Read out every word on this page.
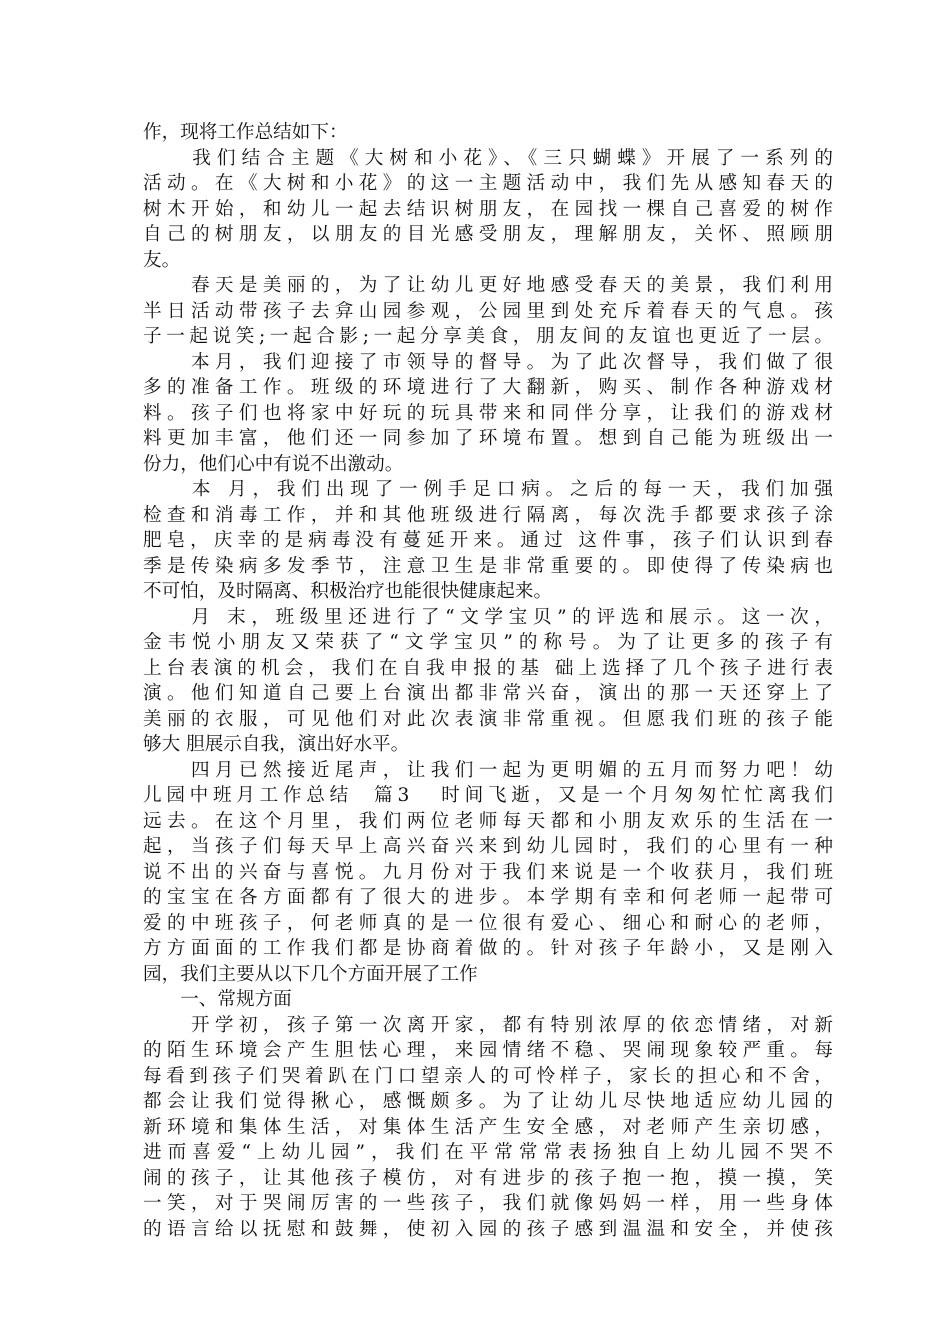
作，现将工作总结如下：
　　我们结合主题《大树和小花》、《三只蝴蝶》开展了一系列的
活动。在《大树和小花》的这一主题活动中，我们先从感知春天的
树木开始，和幼儿一起去结识树朋友，在园找一棵自己喜爱的树作
自己的树朋友，以朋友的目光感受朋友，理解朋友，关怀、照顾朋
友。
　　春天是美丽的，为了让幼儿更好地感受春天的美景，我们利用
半日活动带孩子去弇山园参观，公园里到处充斥着春天的气息。孩
子一起说笑;一起合影;一起分享美食，朋友间的友谊也更近了一层。
　　本月，我们迎接了市领导的督导。为了此次督导，我们做了很
多的准备工作。班级的环境进行了大翻新，购买、制作各种游戏材
料。孩子们也将家中好玩的玩具带来和同伴分享，让我们的游戏材
料更加丰富，他们还一同参加了环境布置。想到自己能为班级出一
份力，他们心中有说不出激动。
　　本 月，我们出现了一例手足口病。之后的每一天，我们加强
检查和消毒工作，并和其他班级进行隔离，每次洗手都要求孩子涂
肥皂，庆幸的是病毒没有蔓延开来。通过 这件事，孩子们认识到春
季是传染病多发季节，注意卫生是非常重要的。即使得了传染病也
不可怕，及时隔离、积极治疗也能很快健康起来。
　　月 末，班级里还进行了“文学宝贝”的评选和展示。这一次，
金韦悦小朋友又荣获了“文学宝贝”的称号。为了让更多的孩子有
上台表演的机会，我们在自我申报的基 础上选择了几个孩子进行表
演。他们知道自己要上台演出都非常兴奋，演出的那一天还穿上了
美丽的衣服，可见他们对此次表演非常重视。但愿我们班的孩子能
够大 胆展示自我，演出好水平。
　　四月已然接近尾声，让我们一起为更明媚的五月而努力吧！幼
儿园中班月工作总结  篇3   时间飞逝，又是一个月匆匆忙忙离我们
远去。在这个月里，我们两位老师每天都和小朋友欢乐的生活在一
起，当孩子们每天早上高兴奋兴来到幼儿园时，我们的心里有一种
说不出的兴奋与喜悦。九月份对于我们来说是一个收获月，我们班
的宝宝在各方面都有了很大的进步。本学期有幸和何老师一起带可
爱的中班孩子，何老师真的是一位很有爱心、细心和耐心的老师，
方方面面的工作我们都是协商着做的。针对孩子年龄小，又是刚入
园，我们主要从以下几个方面开展了工作
　　一、常规方面
　　开学初，孩子第一次离开家，都有特别浓厚的依恋情绪，对新
的陌生环境会产生胆怯心理，来园情绪不稳、哭闹现象较严重。每
每看到孩子们哭着趴在门口望亲人的可怜样子，家长的担心和不舍，
都会让我们觉得揪心，感慨颇多。为了让幼儿尽快地适应幼儿园的
新环境和集体生活，对集体生活产生安全感，对老师产生亲切感，
进而喜爱“上幼儿园”，我们在平常常常表扬独自上幼儿园不哭不
闹的孩子，让其他孩子模仿，对有进步的孩子抱一抱，摸一摸，笑
一笑，对于哭闹厉害的一些孩子，我们就像妈妈一样，用一些身体
的语言给以抚慰和鼓舞，使初入园的孩子感到温温和安全，并使孩
